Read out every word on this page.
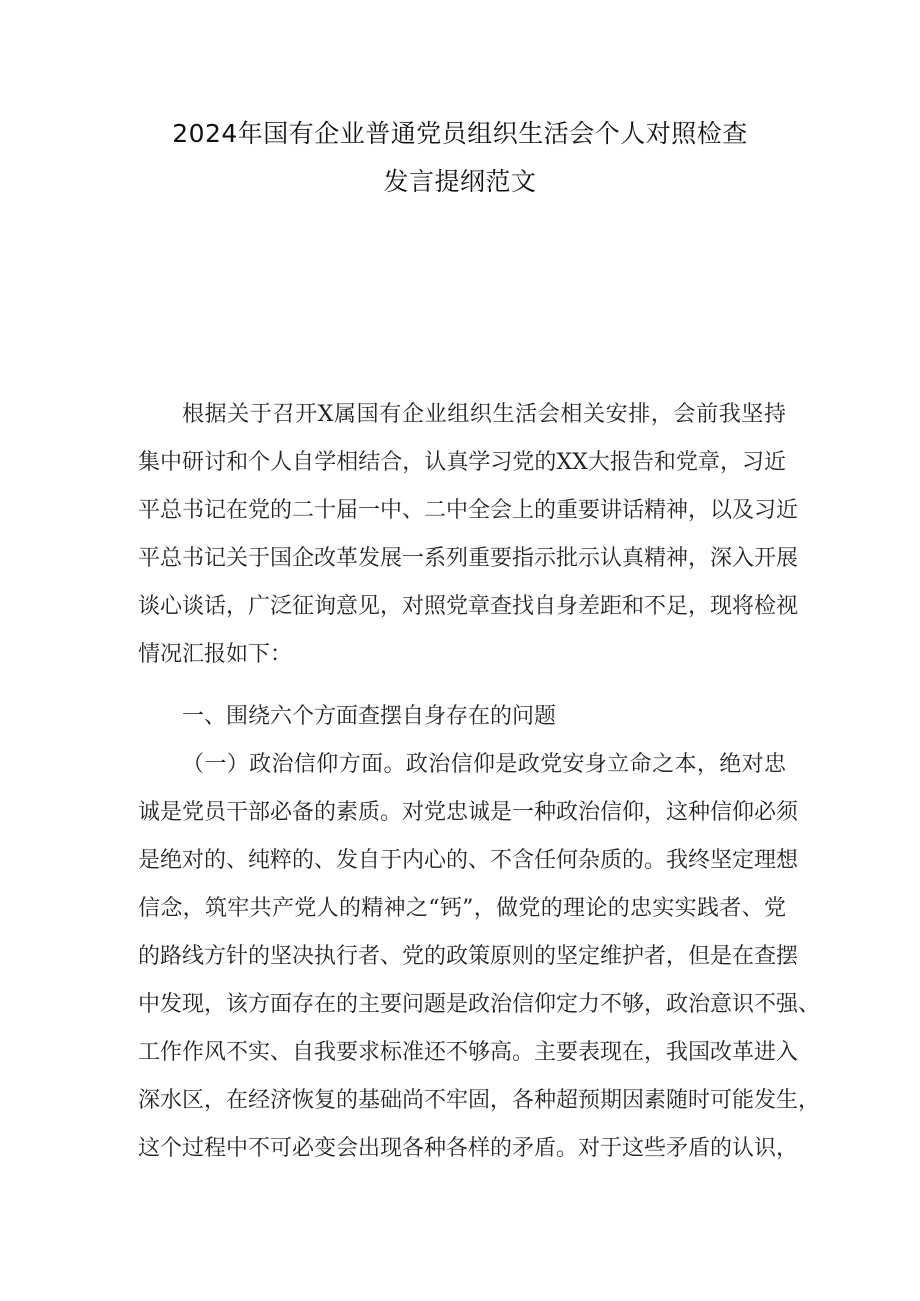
2024年国有企业普通党员组织生活会个人对照检查
发言提纲范文
根据关于召开X属国有企业组织生活会相关安排，会前我坚持
集中研讨和个人自学相结合，认真学习党的XX大报告和党章，习近
平总书记在党的二十届一中、二中全会上的重要讲话精神，以及习近
平总书记关于国企改革发展一系列重要指示批示认真精神，深入开展
谈心谈话，广泛征询意见，对照党章查找自身差距和不足，现将检视
情况汇报如下：
一、围绕六个方面查摆自身存在的问题
（一）政治信仰方面。政治信仰是政党安身立命之本，绝对忠
诚是党员干部必备的素质。对党忠诚是一种政治信仰，这种信仰必须
是绝对的、纯粹的、发自于内心的、不含任何杂质的。我终坚定理想
信念，筑牢共产党人的精神之“钙”，做党的理论的忠实实践者、党
的路线方针的坚决执行者、党的政策原则的坚定维护者，但是在查摆
中发现，该方面存在的主要问题是政治信仰定力不够，政治意识不强、
工作作风不实、自我要求标准还不够高。主要表现在，我国改革进入
深水区，在经济恢复的基础尚不牢固，各种超预期因素随时可能发生，
这个过程中不可必变会出现各种各样的矛盾。对于这些矛盾的认识，
